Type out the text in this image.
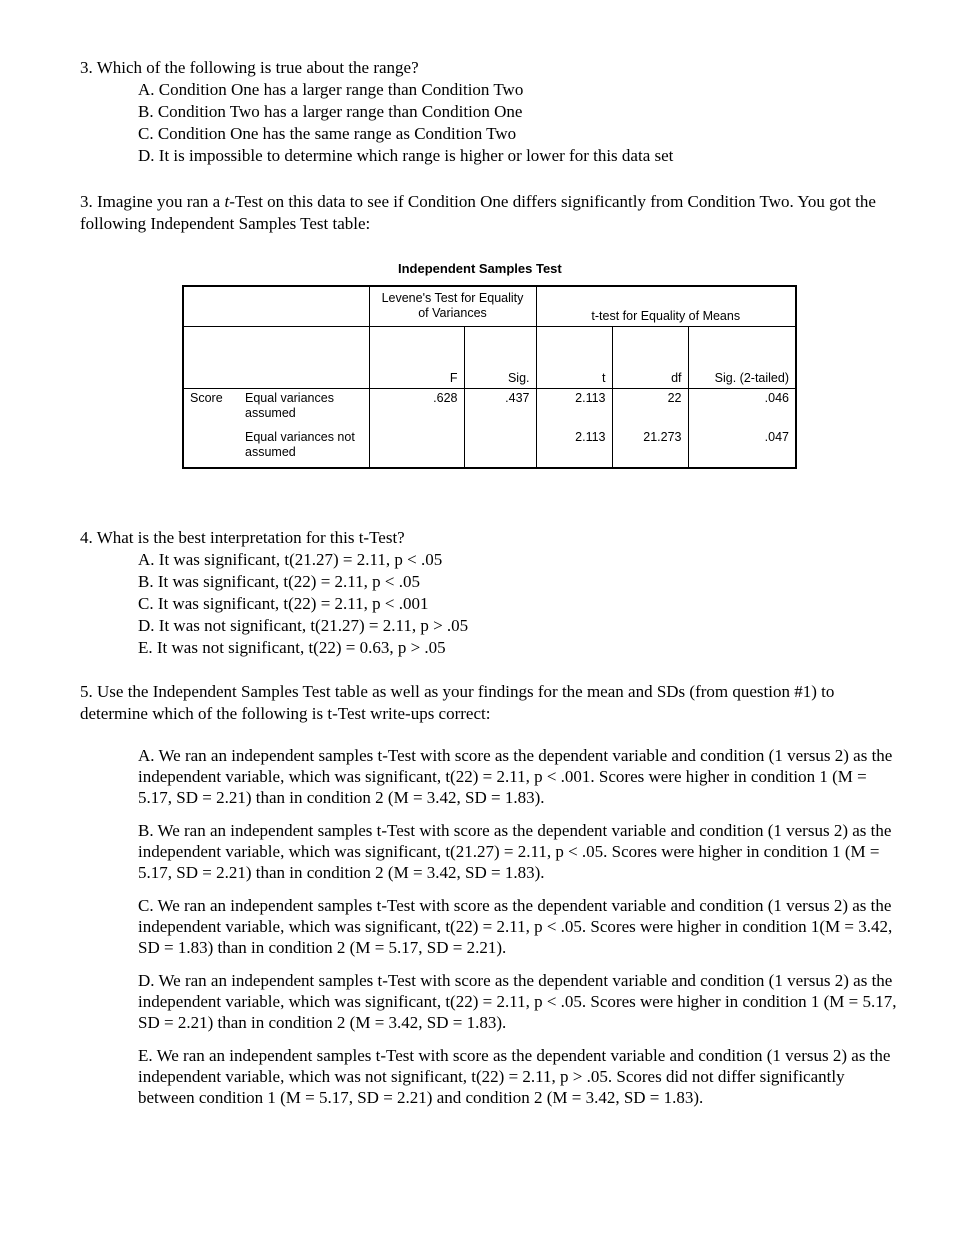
3. Which of the following is true about the range?

A. Condition One has a larger range than Condition Two
B. Condition Two has a larger range than Condition One
C. Condition One has the same range as Condition Two
D. It is impossible to determine which range is higher or lower for this data set

3. Imagine you ran a t-Test on this data to see if Condition One differs significantly from Condition Two. You got the following Independent Samples Test table:

Independent Samples Test
		Levene's Test for Equality of Variances		t-test for Equality of Means		
		F	Sig.	t	df	Sig. (2-tailed)
Score	Equal variances assumed	.628	.437	2.113	22	.046
	Equal variances not assumed			2.113	21.273	.047

4. What is the best interpretation for this t-Test?

A. It was significant, t(21.27) = 2.11, p < .05
B. It was significant, t(22) = 2.11, p < .05
C. It was significant, t(22) = 2.11, p < .001
D. It was not significant, t(21.27) = 2.11, p > .05
E. It was not significant, t(22) = 0.63, p > .05

5. Use the Independent Samples Test table as well as your findings for the mean and SDs (from question #1) to determine which of the following is t-Test write-ups correct:

A. We ran an independent samples t-Test with score as the dependent variable and condition (1 versus 2) as the independent variable, which was significant, t(22) = 2.11, p < .001. Scores were higher in condition 1 (M = 5.17, SD = 2.21) than in condition 2 (M = 3.42, SD = 1.83).

B. We ran an independent samples t-Test with score as the dependent variable and condition (1 versus 2) as the independent variable, which was significant, t(21.27) = 2.11, p < .05. Scores were higher in condition 1 (M = 5.17, SD = 2.21) than in condition 2 (M = 3.42, SD = 1.83).

C. We ran an independent samples t-Test with score as the dependent variable and condition (1 versus 2) as the independent variable, which was significant, t(22) = 2.11, p < .05. Scores were higher in condition 1(M = 3.42, SD = 1.83) than in condition 2 (M = 5.17, SD = 2.21).

D. We ran an independent samples t-Test with score as the dependent variable and condition (1 versus 2) as the independent variable, which was significant, t(22) = 2.11, p < .05. Scores were higher in condition 1 (M = 5.17, SD = 2.21) than in condition 2 (M = 3.42, SD = 1.83).

E. We ran an independent samples t-Test with score as the dependent variable and condition (1 versus 2) as the independent variable, which was not significant, t(22) = 2.11, p > .05. Scores did not differ significantly between condition 1 (M = 5.17, SD = 2.21) and condition 2 (M = 3.42, SD = 1.83).
